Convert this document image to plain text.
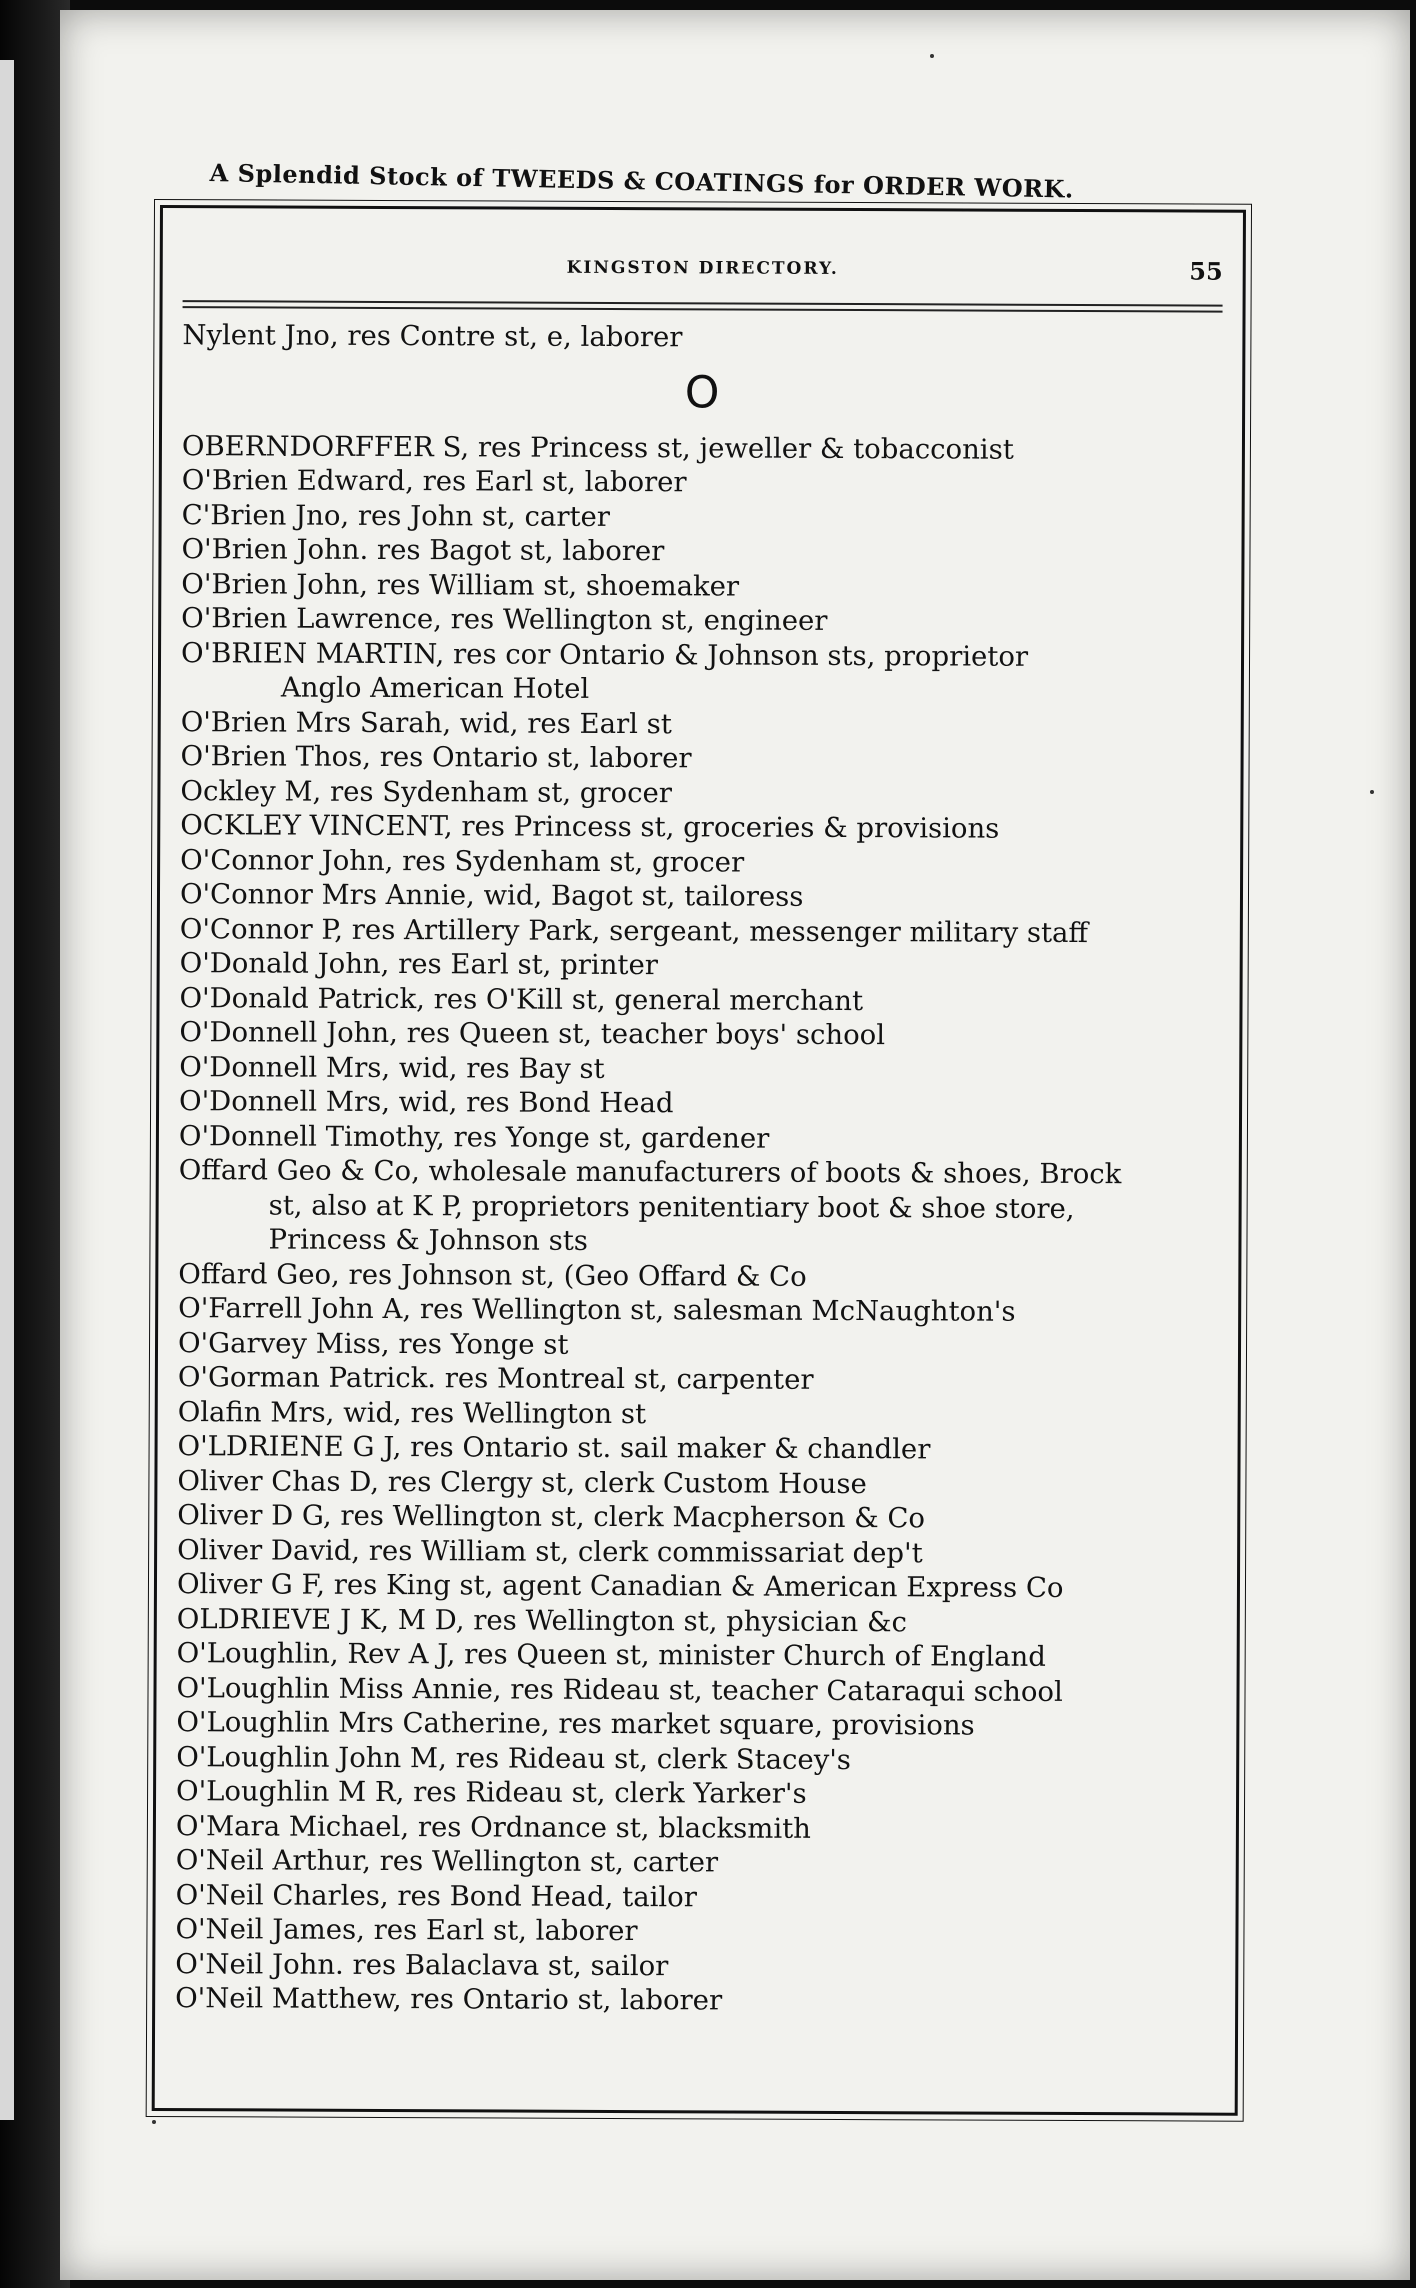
A Splendid Stock of TWEEDS & COATINGS for ORDER WORK.
KINGSTON DIRECTORY.	55
Nylent Jno, res Contre st, e, laborer
O
OBERNDORFFER S, res Princess st, jeweller & tobacconist
O'Brien Edward, res Earl st, laborer
C'Brien Jno, res John st, carter
O'Brien John. res Bagot st, laborer
O'Brien John, res William st, shoemaker
O'Brien Lawrence, res Wellington st, engineer
O'BRIEN MARTIN, res cor Ontario & Johnson sts, proprietor
Anglo American Hotel
O'Brien Mrs Sarah, wid, res Earl st
O'Brien Thos, res Ontario st, laborer
Ockley M, res Sydenham st, grocer
OCKLEY VINCENT, res Princess st, groceries & provisions
O'Connor John, res Sydenham st, grocer
O'Connor Mrs Annie, wid, Bagot st, tailoress
O'Connor P, res Artillery Park, sergeant, messenger military staff
O'Donald John, res Earl st, printer
O'Donald Patrick, res O'Kill st, general merchant
O'Donnell John, res Queen st, teacher boys' school
O'Donnell Mrs, wid, res Bay st
O'Donnell Mrs, wid, res Bond Head
O'Donnell Timothy, res Yonge st, gardener
Offard Geo & Co, wholesale manufacturers of boots & shoes, Brock
st, also at K P, proprietors penitentiary boot & shoe store,
Princess & Johnson sts
Offard Geo, res Johnson st, (Geo Offard & Co
O'Farrell John A, res Wellington st, salesman McNaughton's
O'Garvey Miss, res Yonge st
O'Gorman Patrick. res Montreal st, carpenter
Olafin Mrs, wid, res Wellington st
O'LDRIENE G J, res Ontario st. sail maker & chandler
Oliver Chas D, res Clergy st, clerk Custom House
Oliver D G, res Wellington st, clerk Macpherson & Co
Oliver David, res William st, clerk commissariat dep't
Oliver G F, res King st, agent Canadian & American Express Co
OLDRIEVE J K, M D, res Wellington st, physician &c
O'Loughlin, Rev A J, res Queen st, minister Church of England
O'Loughlin Miss Annie, res Rideau st, teacher Cataraqui school
O'Loughlin Mrs Catherine, res market square, provisions
O'Loughlin John M, res Rideau st, clerk Stacey's
O'Loughlin M R, res Rideau st, clerk Yarker's
O'Mara Michael, res Ordnance st, blacksmith
O'Neil Arthur, res Wellington st, carter
O'Neil Charles, res Bond Head, tailor
O'Neil James, res Earl st, laborer
O'Neil John. res Balaclava st, sailor
O'Neil Matthew, res Ontario st, laborer
